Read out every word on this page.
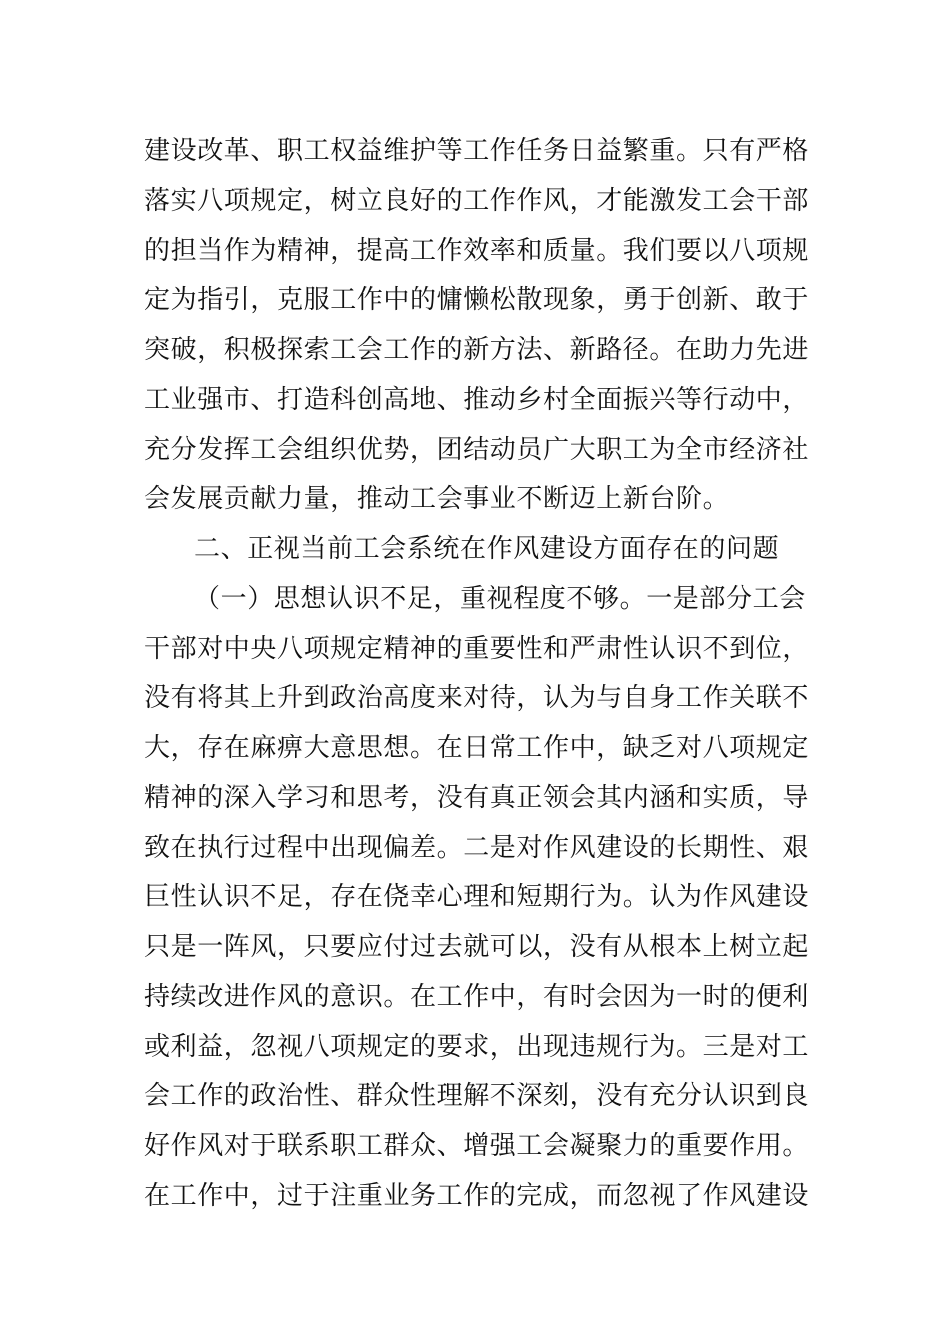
建设改革、职工权益维护等工作任务日益繁重。只有严格
落实八项规定，树立良好的工作作风，才能激发工会干部
的担当作为精神，提高工作效率和质量。我们要以八项规
定为指引，克服工作中的慵懒松散现象，勇于创新、敢于
突破，积极探索工会工作的新方法、新路径。在助力先进
工业强市、打造科创高地、推动乡村全面振兴等行动中，
充分发挥工会组织优势，团结动员广大职工为全市经济社
会发展贡献力量，推动工会事业不断迈上新台阶。
二、正视当前工会系统在作风建设方面存在的问题
（一）思想认识不足，重视程度不够。一是部分工会
干部对中央八项规定精神的重要性和严肃性认识不到位，
没有将其上升到政治高度来对待，认为与自身工作关联不
大，存在麻痹大意思想。在日常工作中，缺乏对八项规定
精神的深入学习和思考，没有真正领会其内涵和实质，导
致在执行过程中出现偏差。二是对作风建设的长期性、艰
巨性认识不足，存在侥幸心理和短期行为。认为作风建设
只是一阵风，只要应付过去就可以，没有从根本上树立起
持续改进作风的意识。在工作中，有时会因为一时的便利
或利益，忽视八项规定的要求，出现违规行为。三是对工
会工作的政治性、群众性理解不深刻，没有充分认识到良
好作风对于联系职工群众、增强工会凝聚力的重要作用。
在工作中，过于注重业务工作的完成，而忽视了作风建设
